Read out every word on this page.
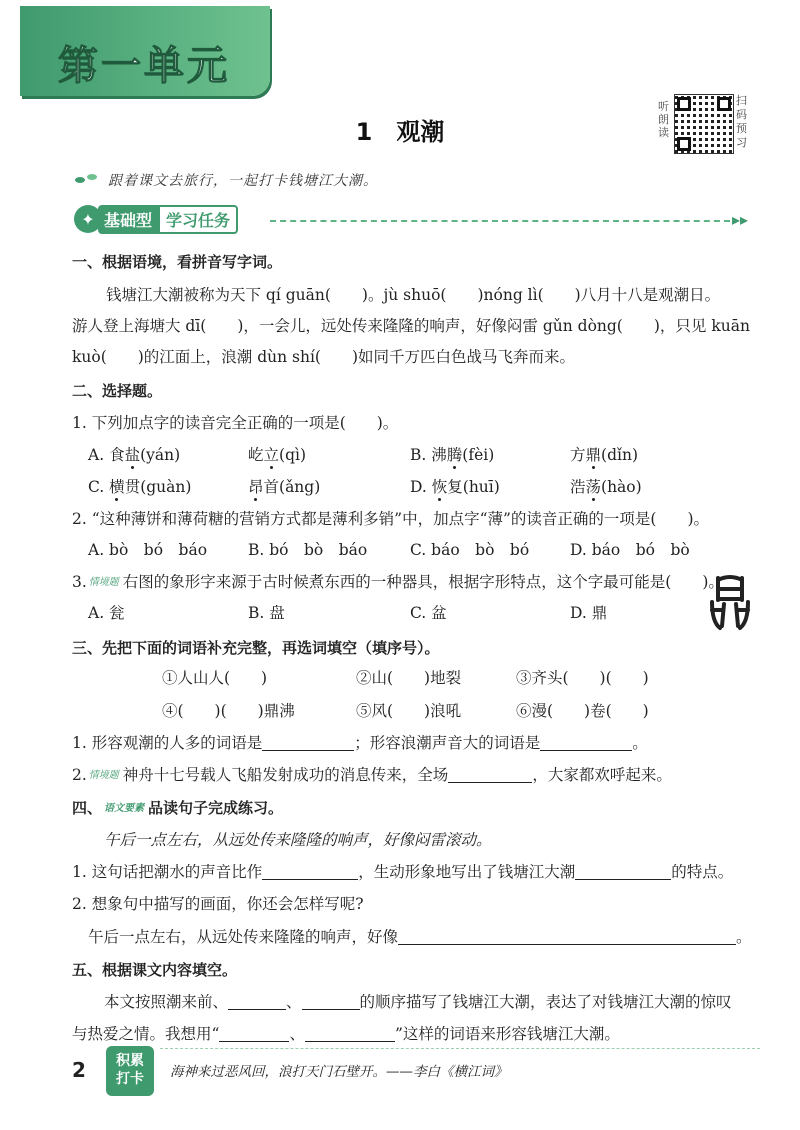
第一单元
1　观潮
听朗读
扫码预习
跟着课文去旅行，一起打卡钱塘江大潮。
✦ 基础型 学习任务	▸▸
一、根据语境，看拼音写字词。
钱塘江大潮被称为天下 qí guān(　　)。jù shuō(　　)nóng lì(　　)八月十八是观潮日。
游人登上海塘大 dī(　　)，一会儿，远处传来隆隆的响声，好像闷雷 gǔn dòng(　　)，只见 kuān
kuò(　　)的江面上，浪潮 dùn shí(　　)如同千万匹白色战马飞奔而来。
二、选择题。
1. 下列加点字的读音完全正确的一项是(　　)。
A. 食盐(yán)	屹立(qì)	B. 沸腾(fèi)	方鼎(dǐn)
C. 横贯(guàn)	昂首(ǎng)	D. 恢复(huī)	浩荡(hào)
2. “这种薄饼和薄荷糖的营销方式都是薄利多销”中，加点字“薄”的读音正确的一项是(　　)。
A. bò　bó　báo	B. bó　bò　báo	C. báo　bò　bó	D. báo　bó　bò
3. 情境题 右图的象形字来源于古时候煮东西的一种器具，根据字形特点，这个字最可能是(　　)。
A. 瓮	B. 盘	C. 盆	D. 鼎
三、先把下面的词语补充完整，再选词填空（填序号）。
①人山人(　　)	②山(　　)地裂	③齐头(　　)(　　)
④(　　)(　　)鼎沸	⑤风(　　)浪吼	⑥漫(　　)卷(　　)
1. 形容观潮的人多的词语是	；形容浪潮声音大的词语是	。
2. 情境题 神舟十七号载人飞船发射成功的消息传来，全场	，大家都欢呼起来。
四、 语文要素 品读句子完成练习。
午后一点左右，从远处传来隆隆的响声，好像闷雷滚动。
1. 这句话把潮水的声音比作	，生动形象地写出了钱塘江大潮	的特点。
2. 想象句中描写的画面，你还会怎样写呢?
午后一点左右，从远处传来隆隆的响声，好像	。
五、根据课文内容填空。
本文按照潮来前、	、	的顺序描写了钱塘江大潮，表达了对钱塘江大潮的惊叹
与热爱之情。我想用“	、	”这样的词语来形容钱塘江大潮。
2	积累
打卡	海神来过恶风回，浪打天门石壁开。——李白《横江词》
